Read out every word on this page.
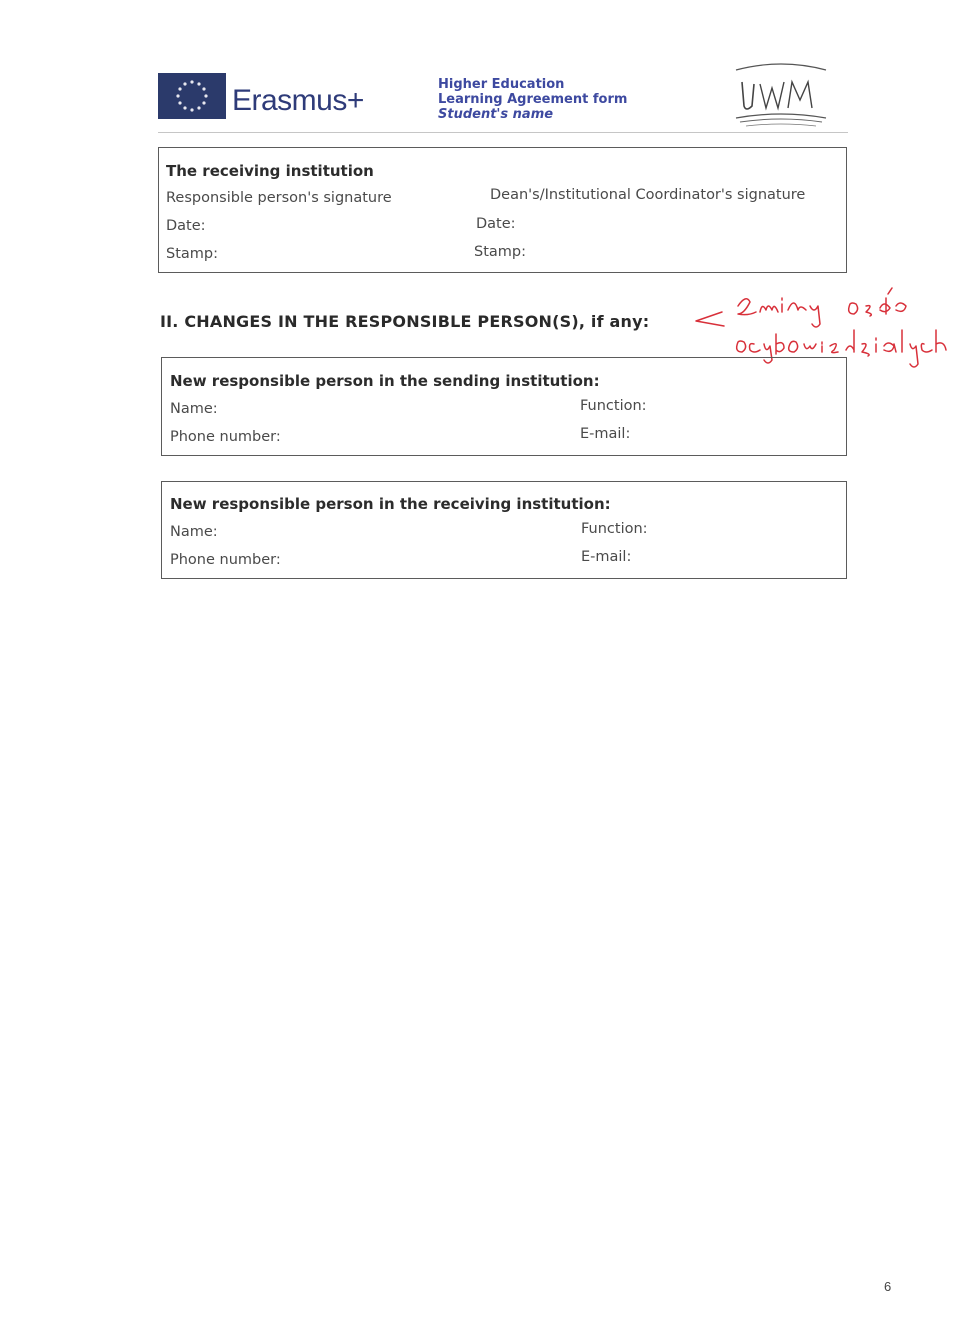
Erasmus+	Higher Education
Learning Agreement form
Student's name
The receiving institution
Responsible person's signature	Dean's/Institutional Coordinator's signature
Date:	Date:
Stamp:	Stamp:
II. CHANGES IN THE RESPONSIBLE PERSON(S), if any:
New responsible person in the sending institution:
Name:	Function:
Phone number:	E-mail:
New responsible person in the receiving institution:
Name:	Function:
Phone number:	E-mail:
6
